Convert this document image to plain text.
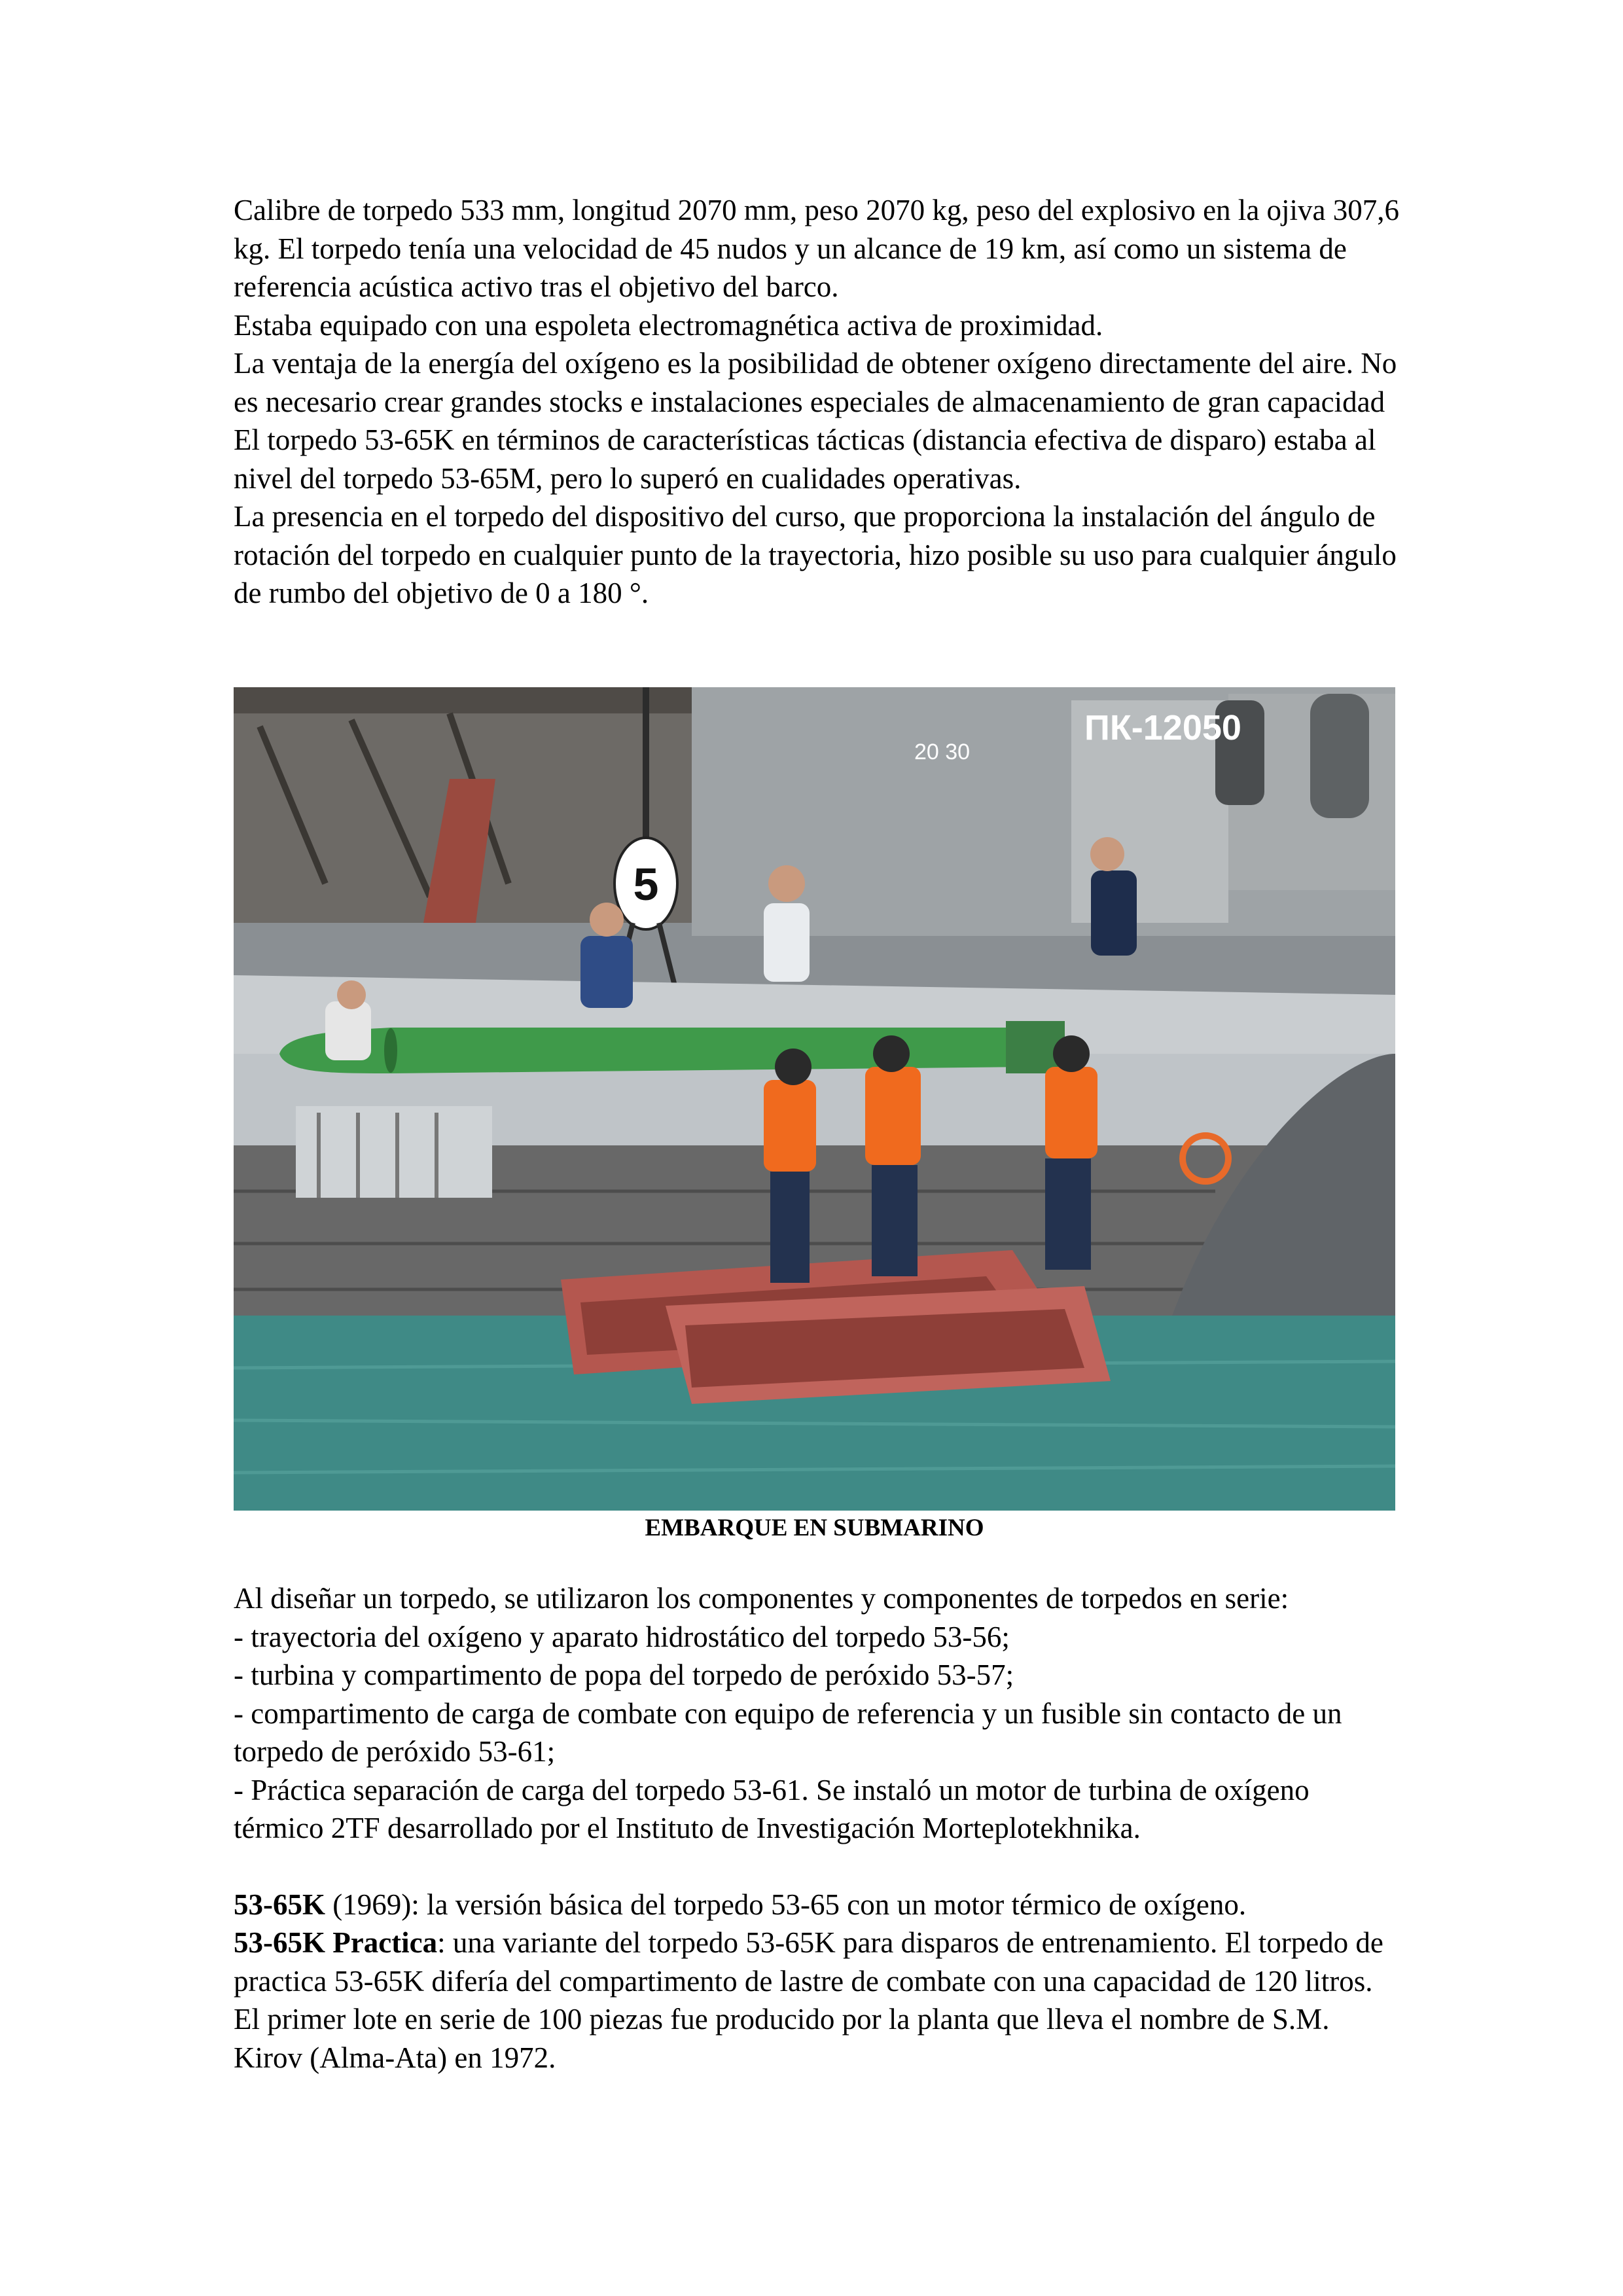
Calibre de torpedo 533 mm, longitud 2070 mm, peso 2070 kg, peso del explosivo en la ojiva 307,6 kg. El torpedo tenía una velocidad de 45 nudos y un alcance de 19 km, así como un sistema de referencia acústica activo tras el objetivo del barco.

Estaba equipado con una espoleta electromagnética activa de proximidad.

La ventaja de la energía del oxígeno es la posibilidad de obtener oxígeno directamente del aire. No es necesario crear grandes stocks e instalaciones especiales de almacenamiento de gran capacidad

El torpedo 53-65K en términos de características tácticas (distancia efectiva de disparo) estaba al nivel del torpedo 53-65M, pero lo superó en cualidades operativas.

La presencia en el torpedo del dispositivo del curso, que proporciona la instalación del ángulo de rotación del torpedo en cualquier punto de la trayectoria, hizo posible su uso para cualquier ángulo de rumbo del objetivo de 0 a 180 °.

ПК-12050
20 30
5
EMBARQUE EN SUBMARINO

Al diseñar un torpedo, se utilizaron los componentes y componentes de torpedos en serie:

- trayectoria del oxígeno y aparato hidrostático del torpedo 53-56;

- turbina y compartimento de popa del torpedo de peróxido 53-57;

- compartimento de carga de combate con equipo de referencia y un fusible sin contacto de un torpedo de peróxido 53-61;

- Práctica separación de carga del torpedo 53-61. Se instaló un motor de turbina de oxígeno térmico 2TF desarrollado por el Instituto de Investigación Morteplotekhnika.

53-65K (1969): la versión básica del torpedo 53-65 con un motor térmico de oxígeno.

53-65K Practica: una variante del torpedo 53-65K para disparos de entrenamiento. El torpedo de practica 53-65K difería del compartimento de lastre de combate con una capacidad de 120 litros. El primer lote en serie de 100 piezas fue producido por la planta que lleva el nombre de S.M. Kirov (Alma-Ata) en 1972.
